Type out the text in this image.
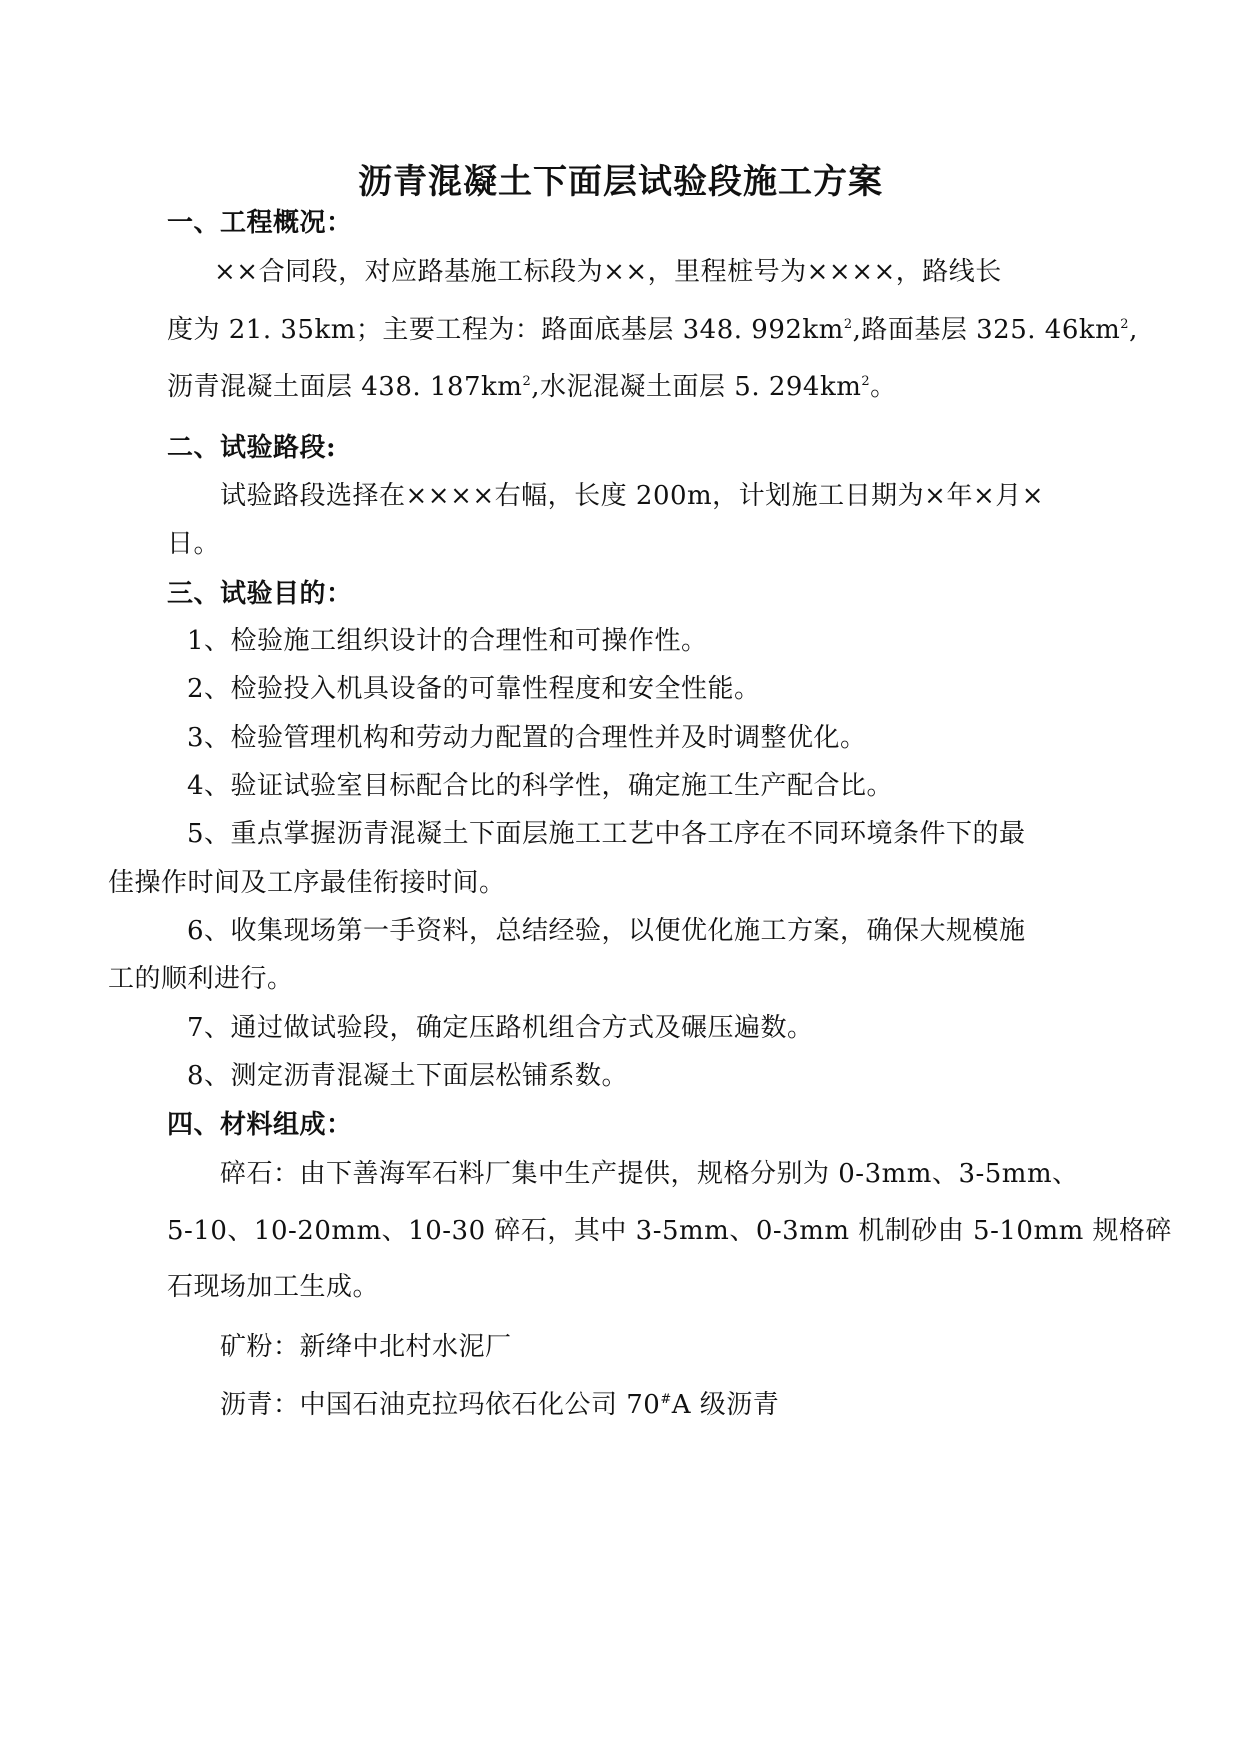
沥青混凝土下面层试验段施工方案
一、工程概况：
××合同段，对应路基施工标段为××，里程桩号为××××，路线长
度为 21. 35km；主要工程为：路面底基层 348. $992km^2$,路面基层 325. $46km^2$,
沥青混凝土面层 438. $187km^2$,水泥混凝土面层 5. $294km^2$。
二、试验路段:
试验路段选择在××××右幅，长度 200m，计划施工日期为×年×月×
日。
三、试验目的：
1、检验施工组织设计的合理性和可操作性。
2、检验投入机具设备的可靠性程度和安全性能。
3、检验管理机构和劳动力配置的合理性并及时调整优化。
4、验证试验室目标配合比的科学性，确定施工生产配合比。
5、重点掌握沥青混凝土下面层施工工艺中各工序在不同环境条件下的最
佳操作时间及工序最佳衔接时间。
6、收集现场第一手资料，总结经验，以便优化施工方案，确保大规模施
工的顺利进行。
7、通过做试验段，确定压路机组合方式及碾压遍数。
8、测定沥青混凝土下面层松铺系数。
四、材料组成：
碎石：由下善海军石料厂集中生产提供，规格分别为 0-3mm、3-5mm、
5-10、10-20mm、10-30 碎石，其中 3-5mm、0-3mm 机制砂由 5-10mm 规格碎
石现场加工生成。
矿粉：新绛中北村水泥厂
沥青：中国石油克拉玛依石化公司 70#A 级沥青
